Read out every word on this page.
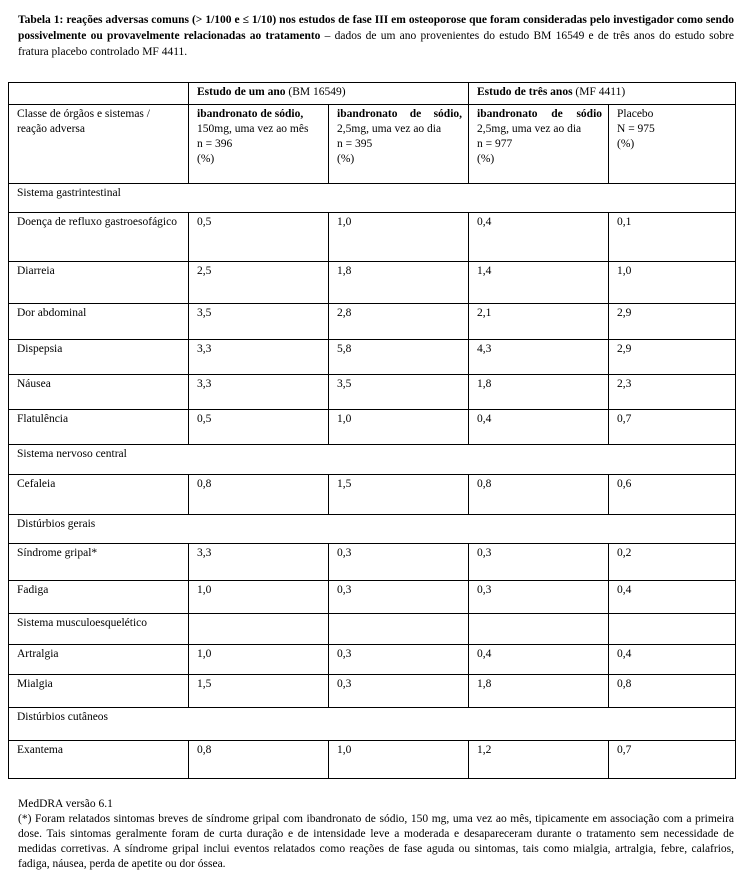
Tabela 1: reações adversas comuns (> 1/100 e ≤ 1/10) nos estudos de fase III em osteoporose que foram consideradas pelo investigador como sendo possivelmente ou provavelmente relacionadas ao tratamento – dados de um ano provenientes do estudo BM 16549 e de três anos do estudo sobre fratura placebo controlado MF 4411.
	Estudo de um ano (BM 16549)		Estudo de três anos (MF 4411)	
Classe de órgãos e sistemas / reação adversa	ibandronato de sódio, 150mg, uma vez ao mês
n = 396
(%)	ibandronato de sódio, 2,5mg, uma vez ao dia
n = 395
(%)	ibandronato de sódio 2,5mg, uma vez ao dia
n = 977
(%)	Placebo
N = 975
(%)
Sistema gastrintestinal				
Doença de refluxo gastroesofágico	0,5	1,0	0,4	0,1
Diarreia	2,5	1,8	1,4	1,0
Dor abdominal	3,5	2,8	2,1	2,9
Dispepsia	3,3	5,8	4,3	2,9
Náusea	3,3	3,5	1,8	2,3
Flatulência	0,5	1,0	0,4	0,7
Sistema nervoso central				
Cefaleia	0,8	1,5	0,8	0,6
Distúrbios gerais				
Síndrome gripal*	3,3	0,3	0,3	0,2
Fadiga	1,0	0,3	0,3	0,4
Sistema musculoesquelético				
Artralgia	1,0	0,3	0,4	0,4
Mialgia	1,5	0,3	1,8	0,8
Distúrbios cutâneos				
Exantema	0,8	1,0	1,2	0,7
MedDRA versão 6.1
(*) Foram relatados sintomas breves de síndrome gripal com ibandronato de sódio, 150 mg, uma vez ao mês, tipicamente em associação com a primeira dose. Tais sintomas geralmente foram de curta duração e de intensidade leve a moderada e desapareceram durante o tratamento sem necessidade de medidas corretivas. A síndrome gripal inclui eventos relatados como reações de fase aguda ou sintomas, tais como mialgia, artralgia, febre, calafrios, fadiga, náusea, perda de apetite ou dor óssea.
